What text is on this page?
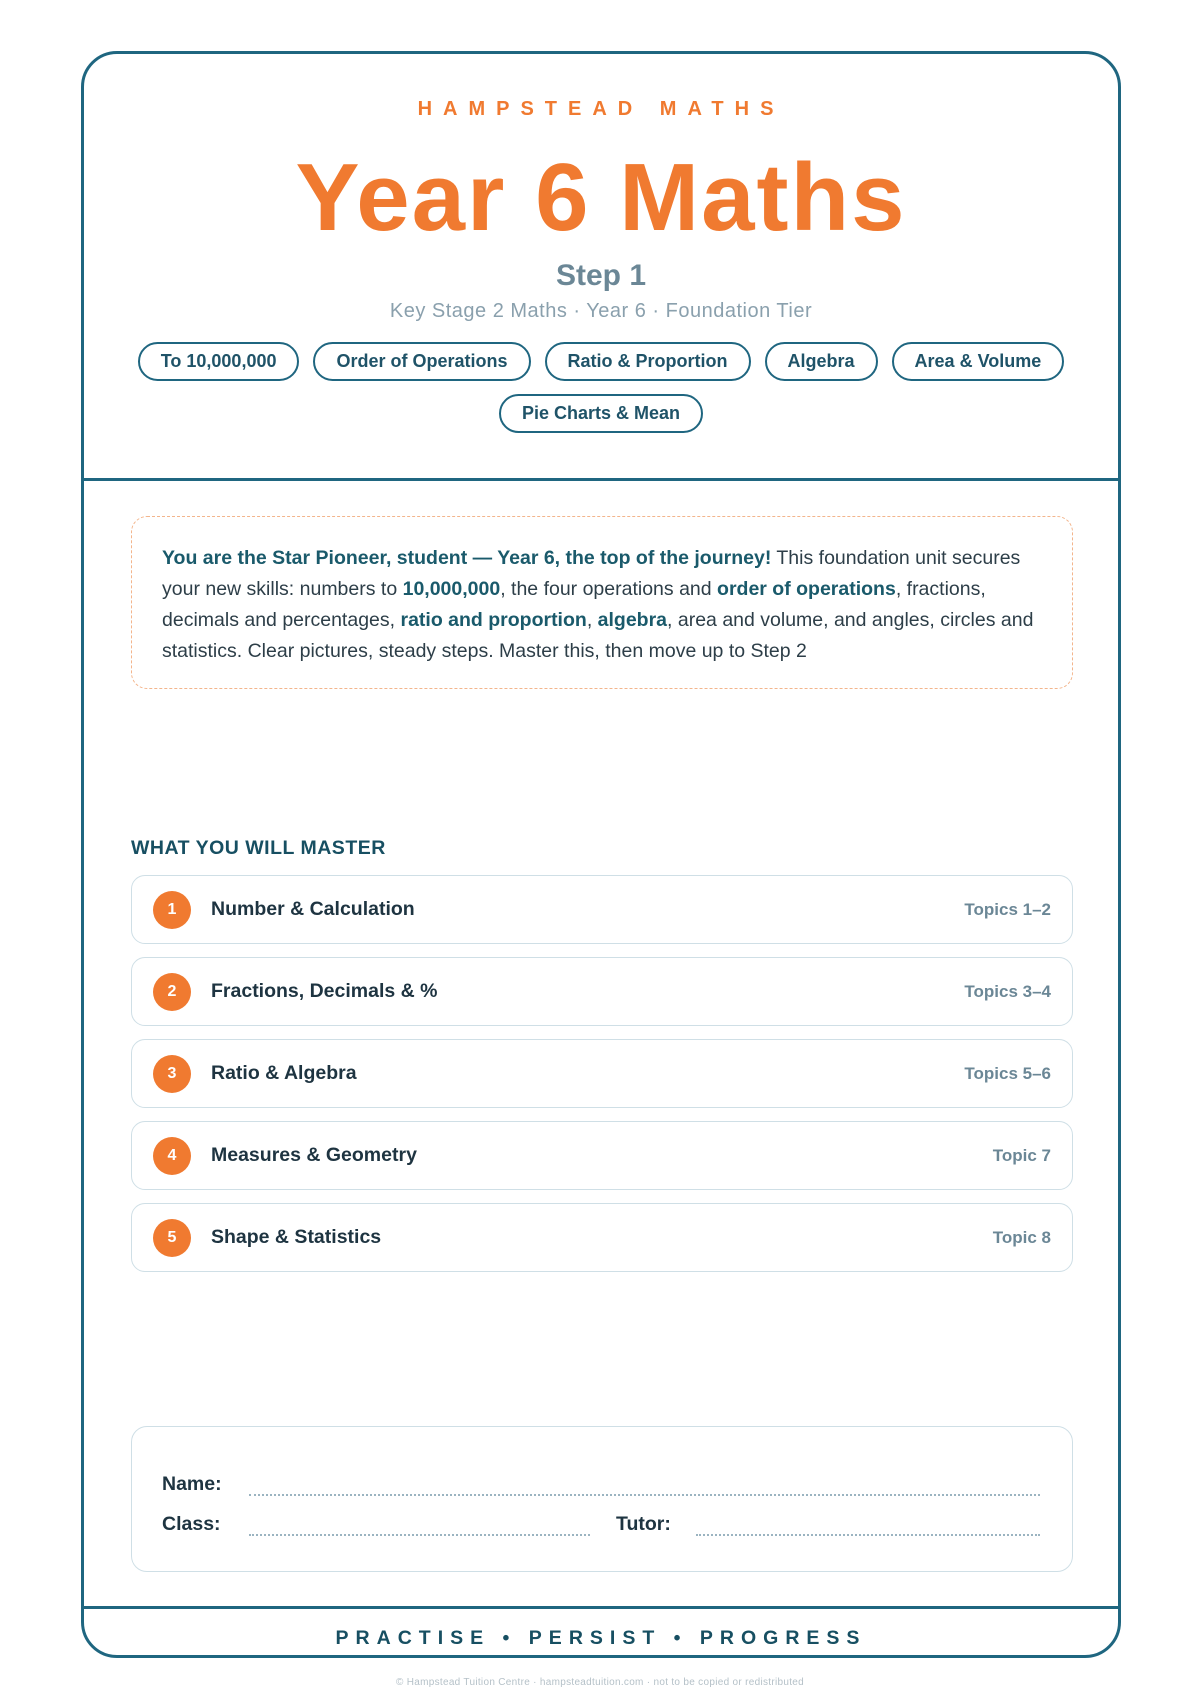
HAMPSTEAD MATHS
Year 6 Maths
Step 1
Key Stage 2 Maths · Year 6 · Foundation Tier
To 10,000,000	Order of Operations	Ratio & Proportion	Algebra	Area & Volume
Pie Charts & Mean
You are the Star Pioneer, student — Year 6, the top of the journey! This foundation unit secures your new skills: numbers to 10,000,000, the four operations and order of operations, fractions, decimals and percentages, ratio and proportion, algebra, area and volume, and angles, circles and statistics. Clear pictures, steady steps. Master this, then move up to Step 2
WHAT YOU WILL MASTER
1	Number & Calculation	Topics 1–2
2	Fractions, Decimals & %	Topics 3–4
3	Ratio & Algebra	Topics 5–6
4	Measures & Geometry	Topic 7
5	Shape & Statistics	Topic 8
Name:
Class:	Tutor:
PRACTISE • PERSIST • PROGRESS
© Hampstead Tuition Centre · hampsteadtuition.com · not to be copied or redistributed
